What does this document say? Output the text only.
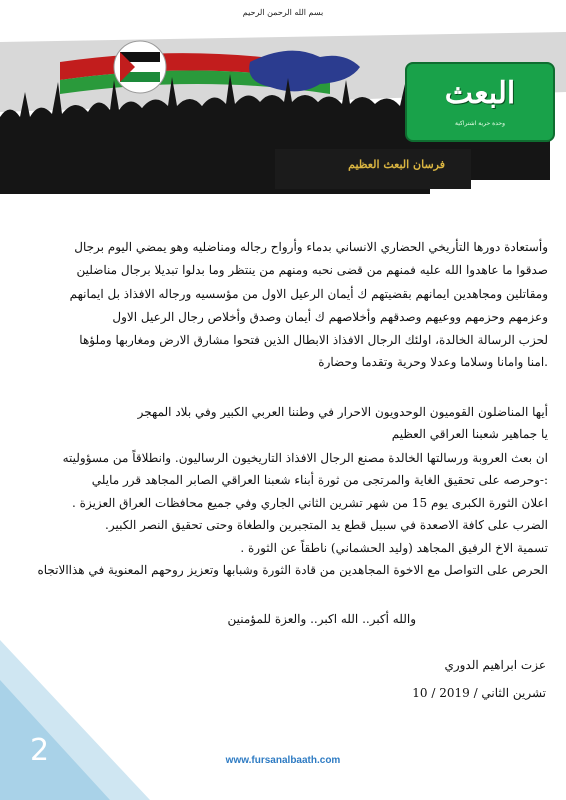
بسم الله الرحمن الرحيم
فرسان البعث العظيم
البعث
وحدة حرية اشتراكية
وأستعادة دورها التأريخي الحضاري الانساني بدماء وأرواح رجاله ومناضليه وهو يمضي اليوم برجال
صدقوا ما عاهدوا الله عليه فمنهم من قضى نحبه ومنهم من ينتظر وما بدلوا تبديلا برجال مناضلين
ومقاتلين ومجاهدين ايمانهم بقضيتهم ك أيمان الرعيل الاول من مؤسسيه ورجاله الافذاذ بل ايمانهم
وعزمهم وحزمهم ووعيهم وصدقهم وأخلاصهم ك أيمان وصدق وأخلاص رجال الرعيل الاول
لحزب الرسالة الخالدة، اولئك الرجال الافذاذ الابطال الذين فتحوا مشارق الارض ومغاربها وملؤها
.امنا وامانا وسلاما وعدلا وحرية وتقدما وحضارة
أيها المناضلون القوميون الوحدويون الاحرار في وطننا العربي الكبير وفي بلاد المهجر
يا جماهير شعبنا العراقي العظيم
ان بعث العروبة ورسالتها الخالدة مصنع الرجال الافذاذ التاريخيون الرساليون. وانطلاقاً من مسؤوليته
:-وحرصه على تحقيق الغاية والمرتجى من ثورة أبناء شعبنا العراقي الصابر المجاهد قرر مايلي
اعلان الثورة الكبرى يوم 15 من شهر تشرين الثاني الجاري وفي جميع محافظات العراق العزيزة .
الضرب على كافة الاصعدة في سبيل قطع يد المتجبرين والطغاة وحتى تحقيق النصر الكبير.
تسمية الاخ الرفيق المجاهد (وليد الحشماني) ناطقاً عن الثورة .
الحرص على التواصل مع الاخوة المجاهدين من قادة الثورة وشبابها وتعزيز روحهم المعنوية في هذاالاتجاه
والله أكبر.. الله اكبر.. والعزة للمؤمنين
عزت ابراهيم الدوري
تشرين الثاني / 2019 / 10
2	www.fursanalbaath.com
